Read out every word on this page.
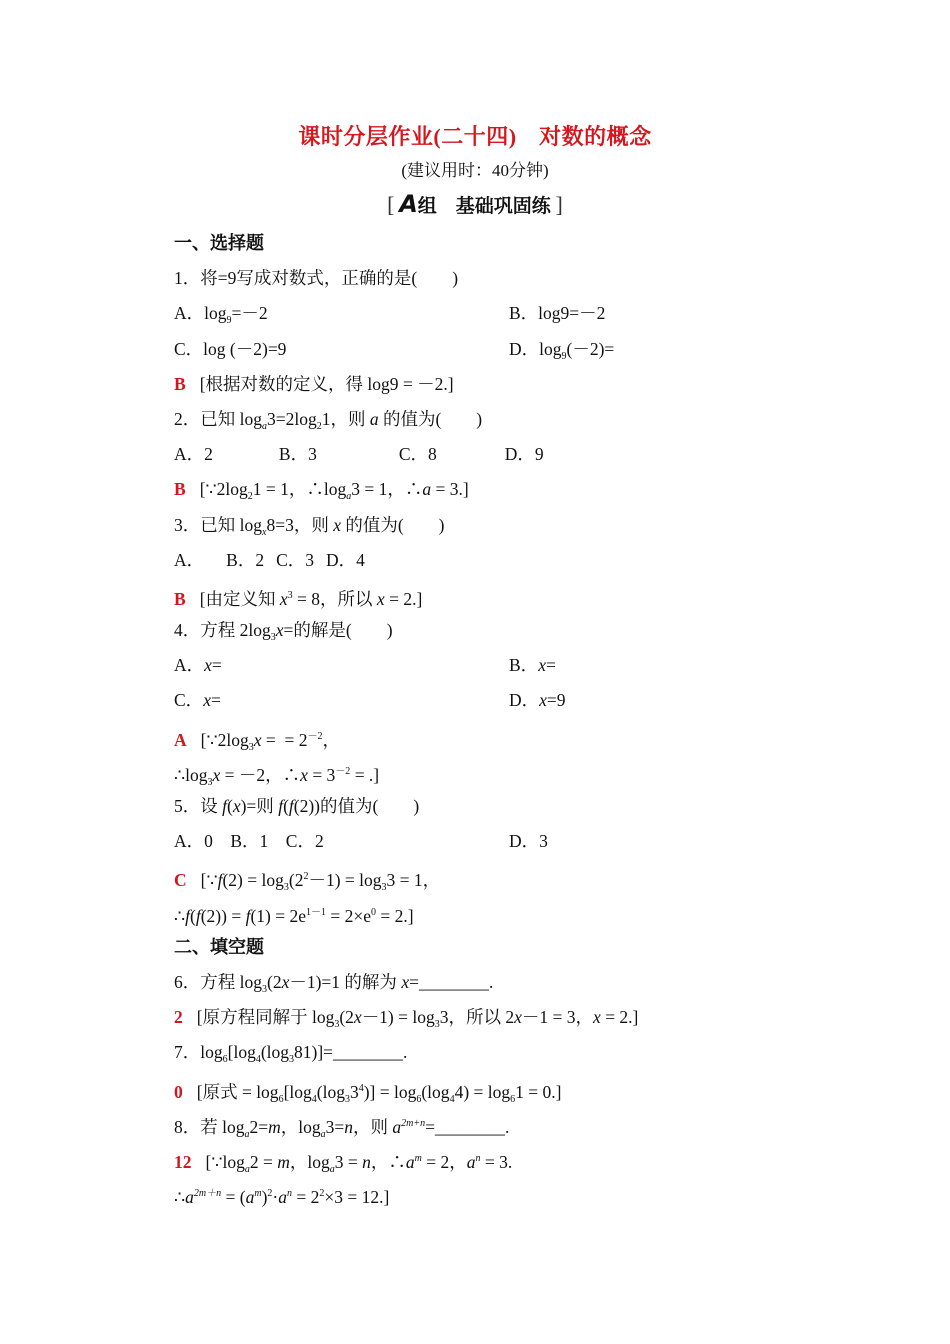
课时分层作业(二十四)　对数的概念
(建议用时：40分钟)
[ A组　基础巩固练 ]
一、选择题
1．将=9写成对数式，正确的是(　　)
A．$\log_9=-2$	B．log9=－2
C．log (－2)=9	D．$\log_9(-2)=$
B [根据对数的定义，得 log9 = －2.]
2．已知 $\log_a3=2\log_21$，则 a 的值为(　　)
A．2	B．3	C．8	D．9
B [$\because 2\log_21 = 1$，$\therefore\log_a3 = 1$，∴a = 3.]
3．已知 $\log_x8=3$，则 x 的值为(　　)
A． B．2 C．3 D．4
B [由定义知 $x^3 = 8$，所以 x = 2.]
4．方程 $2\log_3x=$的解是(　　)
A．x=	B．x=
C．x=	D．x=9
A [$\because 2\log_3x$ =  = $2^{-2}$，
$\therefore\log_3x = -2$，∴x = $3^{-2}$ = .]
5．设 f(x)=则 f(f(2))的值为(　　)
A．0　B．1　C．2	D．3
C [∵f(2) = $\log_3(2^2-1) = \log_33 = 1$，
∴f(f(2)) = $f(1) = 2e^{1-1} = 2\times e^0 = 2$.]
二、填空题
6．方程 $\log_3(2x-1)=1$ 的解为 x=________.
2 [原方程同解于 $\log_3(2x-1) = \log_33$，所以 2x－1 = 3，x = 2.]
7．$\log_6[\log_4(\log_381)]=\_\_\_\_\_\_\_\_$.
0 [原式 = $\log_6[\log_4(\log_33^4)] = \log_6(\log_44) = \log_61 = 0$.]
8．若 $\log_a2=m$，$\log_a3=n$，则 $a^{2m+n}=\_\_\_\_\_\_\_\_$.
12 [$\because\log_a2 = m$，$\log_a3 = n$，$\therefore a^m = 2$，$a^n = 3$.
$\therefore a^{2m+n} = (a^m)^2\cdot a^n = 2^2\times 3 = 12$.]
